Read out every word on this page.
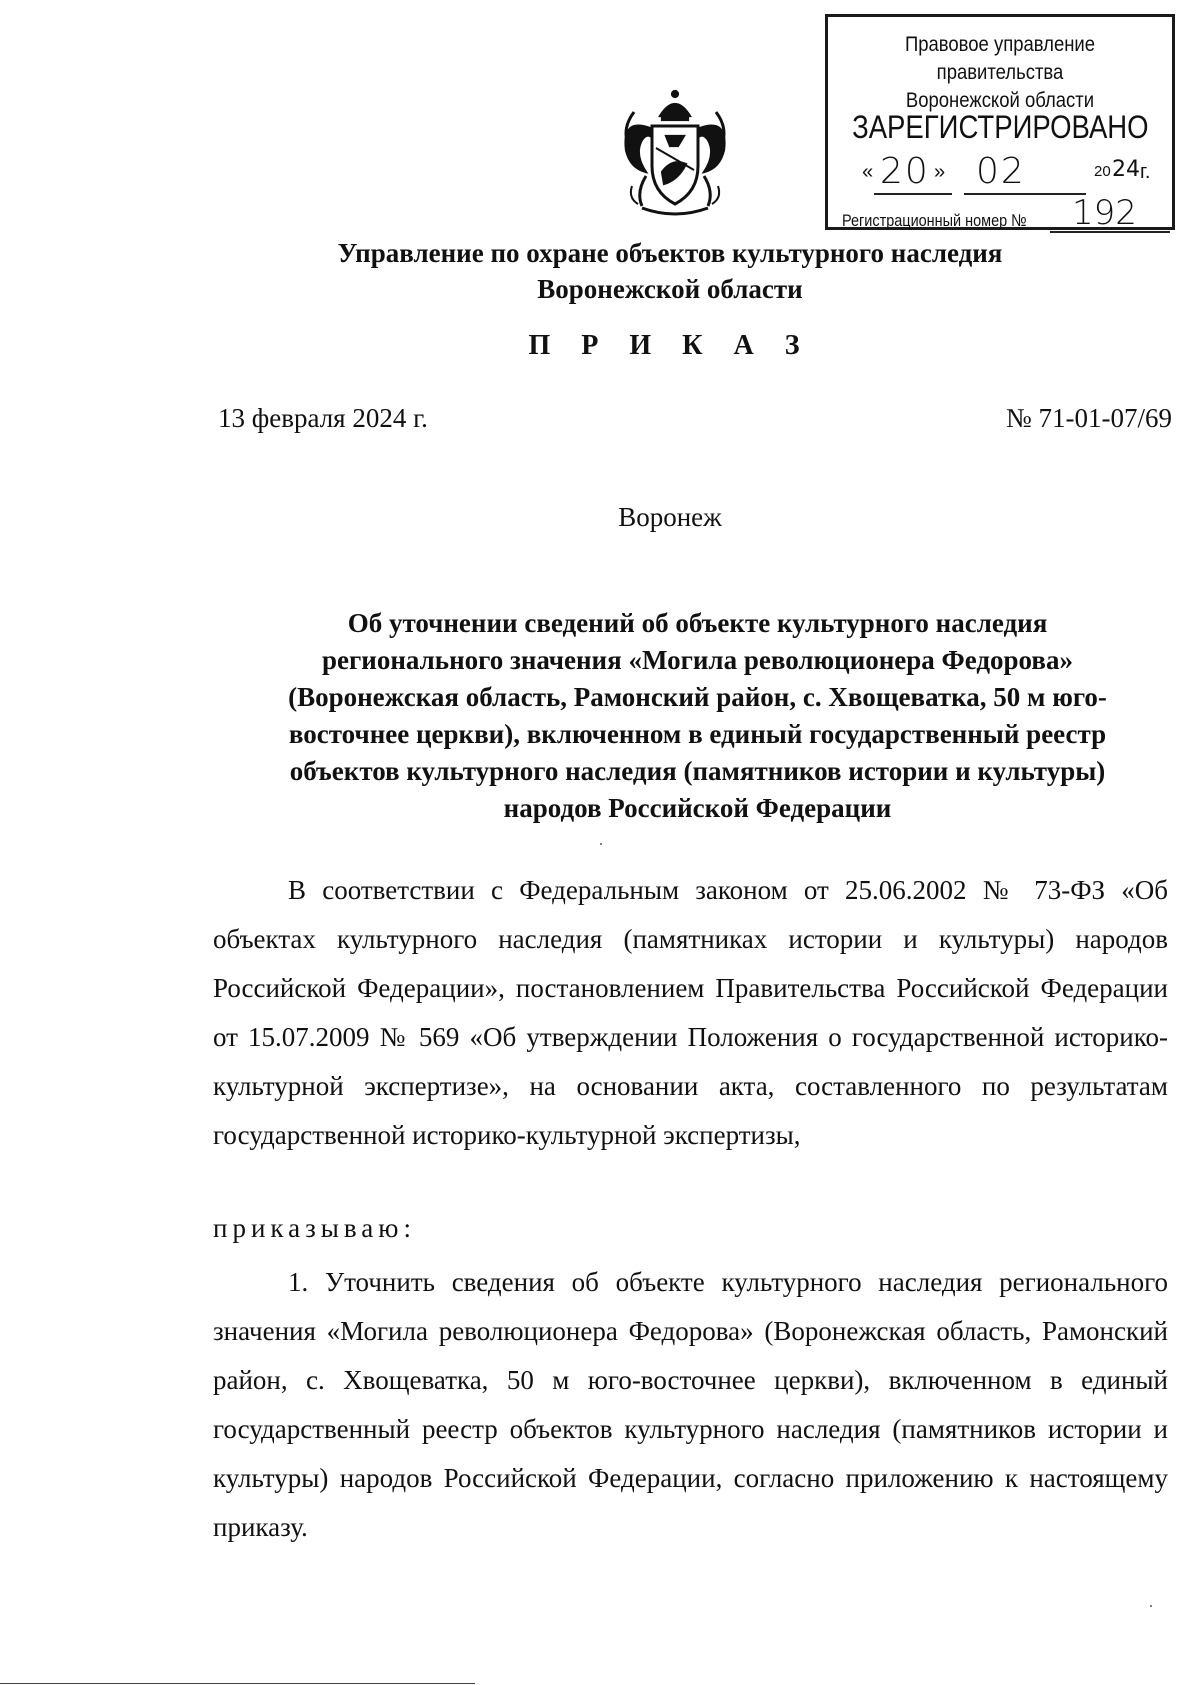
Правовое управление правительства
Воронежской области
ЗАРЕГИСТРИРОВАНО
« 20 » 02	20 24 г.
Регистрационный номер № 192
Управление по охране объектов культурного наследия
Воронежской области
П Р И К А З
13 февраля 2024 г.	№ 71-01-07/69
Воронеж
Об уточнении сведений об объекте культурного наследия
регионального значения «Могила революционера Федорова»
(Воронежская область, Рамонский район, с. Хвощеватка, 50 м юго-
восточнее церкви), включенном в единый государственный реестр
объектов культурного наследия (памятников истории и культуры)
народов Российской Федерации
В соответствии с Федеральным законом от 25.06.2002 № 73-ФЗ «Об объектах культурного наследия (памятниках истории и культуры) народов Российской Федерации», постановлением Правительства Российской Федерации от 15.07.2009 № 569 «Об утверждении Положения о государственной историко-культурной экспертизе», на основании акта, составленного по результатам государственной историко-культурной экспертизы,
приказываю:
1. Уточнить сведения об объекте культурного наследия регионального значения «Могила революционера Федорова» (Воронежская область, Рамонский район, с. Хвощеватка, 50 м юго-восточнее церкви), включенном в единый государственный реестр объектов культурного наследия (памятников истории и культуры) народов Российской Федерации, согласно приложению к настоящему приказу.
